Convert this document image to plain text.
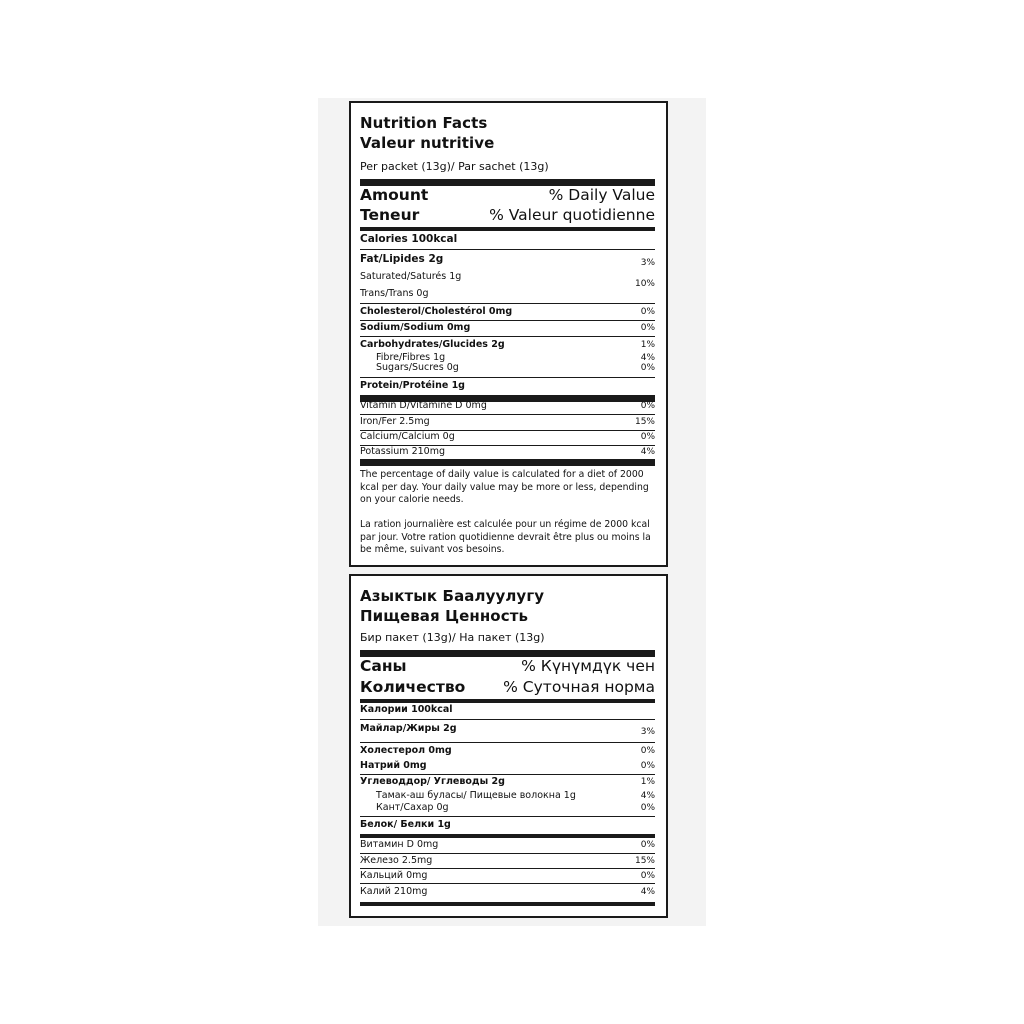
Nutrition Facts
Valeur nutritive
Per packet (13g)/ Par sachet (13g)
Amount	% Daily Value
Teneur	% Valeur quotidienne
Calories 100kcal
Fat/Lipides 2g	3%
Saturated/Saturés 1g
10%
Trans/Trans 0g
Cholesterol/Cholestérol 0mg	0%
Sodium/Sodium 0mg	0%
Carbohydrates/Glucides 2g	1%
Fibre/Fibres 1g	4%
Sugars/Sucres 0g	0%
Protein/Protéine 1g
Vitamin D/Vitamine D 0mg	0%
Iron/Fer 2.5mg	15%
Calcium/Calcium 0g	0%
Potassium 210mg	4%
The percentage of daily value is calculated for a diet of 2000 kcal per day. Your daily value may be more or less, depending on your calorie needs.
La ration journalière est calculée pour un régime de 2000 kcal par jour. Votre ration quotidienne devrait être plus ou moins la be même, suivant vos besoins.
Азыктык Баалуулугу
Пищевая Ценность
Бир пакет (13g)/ На пакет (13g)
Саны	% Күнүмдүк чен
Количество % Суточная норма
Калории 100kcal
Майлар/Жиры 2g	3%
Холестерол 0mg	0%
Натрий 0mg	0%
Углеводдор/ Углеводы 2g	1%
Тамак-аш буласы/ Пищевые волокна 1g	4%
Кант/Сахар 0g	0%
Белок/ Белки 1g
Витамин D 0mg	0%
Железо 2.5mg	15%
Кальций 0mg	0%
Калий 210mg	4%
